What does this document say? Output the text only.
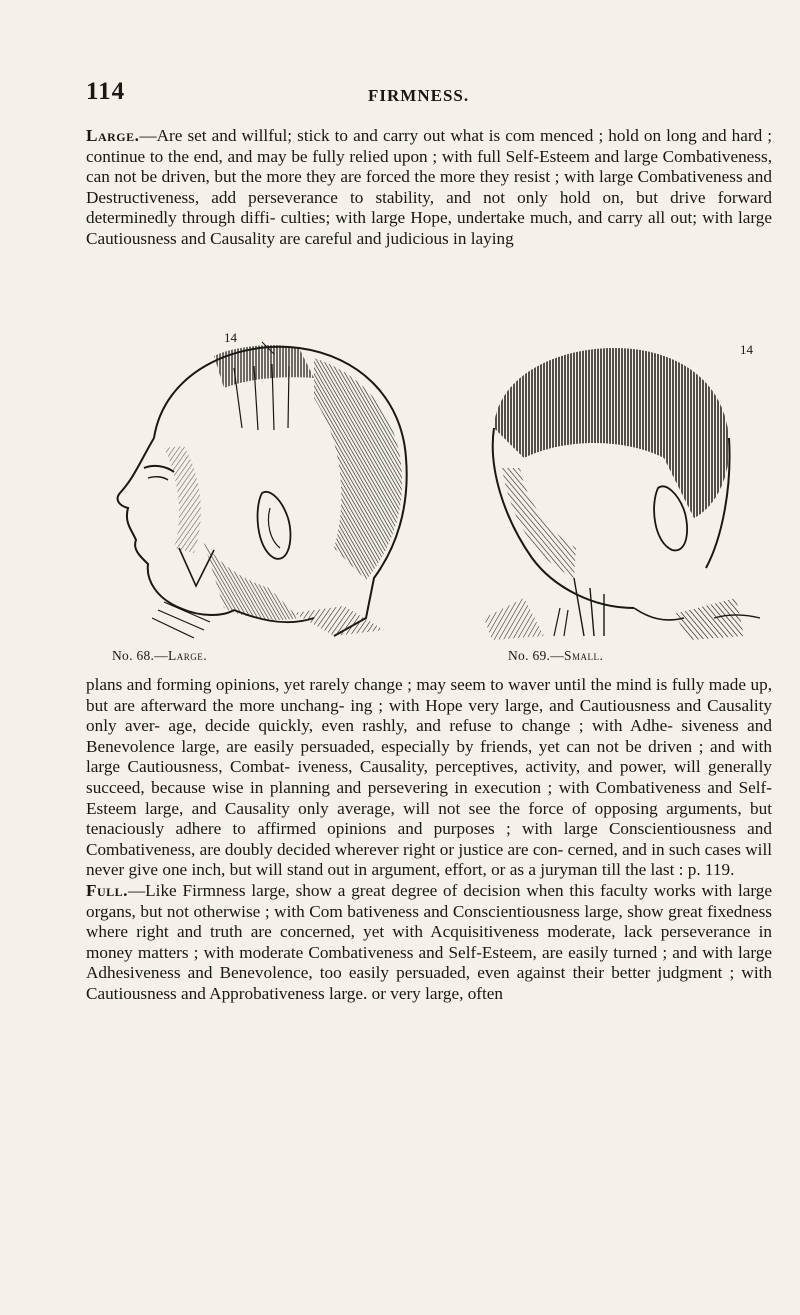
114	FIRMNESS.

Large.—Are set and willful; stick to and carry out what is com menced ; hold on long and hard ; continue to the end, and may be fully relied upon ; with full Self-Esteem and large Combativeness, can not be driven, but the more they are forced the more they resist ; with large Combativeness and Destructiveness, add perseverance to stability, and not only hold on, but drive forward determinedly through diffi- culties; with large Hope, undertake much, and carry all out; with large Cautiousness and Causality are careful and judicious in laying

14
No. 68.—Large.
14
No. 69.—Small.

plans and forming opinions, yet rarely change ; may seem to waver until the mind is fully made up, but are afterward the more unchang- ing ; with Hope very large, and Cautiousness and Causality only aver- age, decide quickly, even rashly, and refuse to change ; with Adhe- siveness and Benevolence large, are easily persuaded, especially by friends, yet can not be driven ; and with large Cautiousness, Combat- iveness, Causality, perceptives, activity, and power, will generally succeed, because wise in planning and persevering in execution ; with Combativeness and Self-Esteem large, and Causality only average, will not see the force of opposing arguments, but tenaciously adhere to affirmed opinions and purposes ; with large Conscientiousness and Combativeness, are doubly decided wherever right or justice are con- cerned, and in such cases will never give one inch, but will stand out in argument, effort, or as a juryman till the last : p. 119.
Full.—Like Firmness large, show a great degree of decision when this faculty works with large organs, but not otherwise ; with Com bativeness and Conscientiousness large, show great fixedness where right and truth are concerned, yet with Acquisitiveness moderate, lack perseverance in money matters ; with moderate Combativeness and Self-Esteem, are easily turned ; and with large Adhesiveness and Benevolence, too easily persuaded, even against their better judgment ; with Cautiousness and Approbativeness large. or very large, often
